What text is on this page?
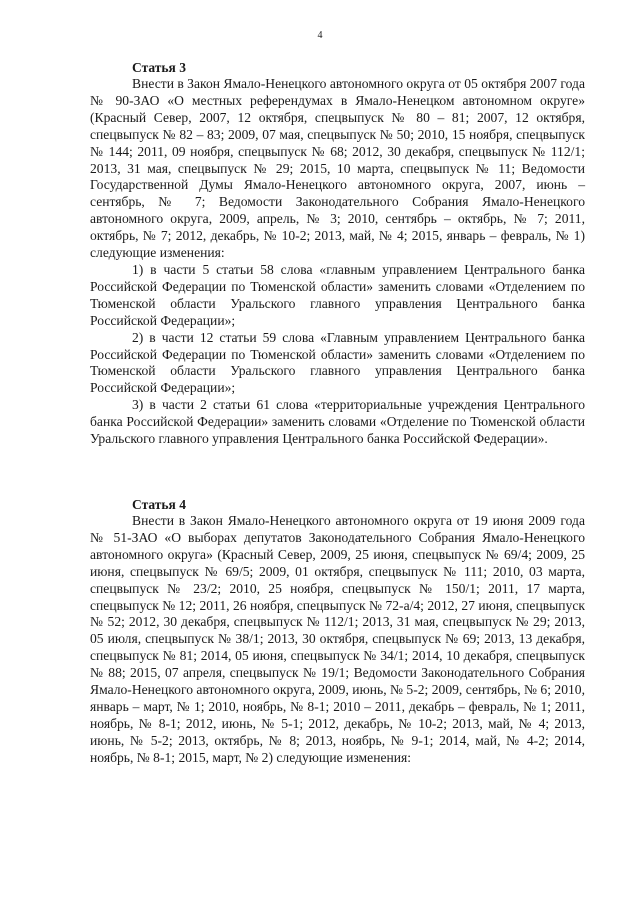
4
Статья 3

Внести в Закон Ямало-Ненецкого автономного округа от 05 октября 2007 года № 90-ЗАО «О местных референдумах в Ямало-Ненецком автономном округе» (Красный Север, 2007, 12 октября, спецвыпуск № 80 – 81; 2007, 12 октября, спецвыпуск № 82 – 83; 2009, 07 мая, спецвыпуск № 50; 2010, 15 ноября, спецвыпуск № 144; 2011, 09 ноября, спецвыпуск № 68; 2012, 30 декабря, спецвыпуск № 112/1; 2013, 31 мая, спецвыпуск № 29; 2015, 10 марта, спецвыпуск № 11; Ведомости Государственной Думы Ямало-Ненецкого автономного округа, 2007, июнь – сентябрь, № 7; Ведомости Законодательного Собрания Ямало-Ненецкого автономного округа, 2009, апрель, № 3; 2010, сентябрь – октябрь, № 7; 2011, октябрь, № 7; 2012, декабрь, № 10-2; 2013, май, № 4; 2015, январь – февраль, № 1) следующие изменения:

1) в части 5 статьи 58 слова «главным управлением Центрального банка Российской Федерации по Тюменской области» заменить словами «Отделением по Тюменской области Уральского главного управления Центрального банка Российской Федерации»;

2) в части 12 статьи 59 слова «Главным управлением Центрального банка Российской Федерации по Тюменской области» заменить словами «Отделением по Тюменской области Уральского главного управления Центрального банка Российской Федерации»;

3) в части 2 статьи 61 слова «территориальные учреждения Центрального банка Российской Федерации» заменить словами «Отделение по Тюменской области Уральского главного управления Центрального банка Российской Федерации».

Статья 4

Внести в Закон Ямало-Ненецкого автономного округа от 19 июня 2009 года № 51-ЗАО «О выборах депутатов Законодательного Собрания Ямало-Ненецкого автономного округа» (Красный Север, 2009, 25 июня, спецвыпуск № 69/4; 2009, 25 июня, спецвыпуск № 69/5; 2009, 01 октября, спецвыпуск № 111; 2010, 03 марта, спецвыпуск № 23/2; 2010, 25 ноября, спецвыпуск № 150/1; 2011, 17 марта, спецвыпуск № 12; 2011, 26 ноября, спецвыпуск № 72-а/4; 2012, 27 июня, спецвыпуск № 52; 2012, 30 декабря, спецвыпуск № 112/1; 2013, 31 мая, спецвыпуск № 29; 2013, 05 июля, спецвыпуск № 38/1; 2013, 30 октября, спецвыпуск № 69; 2013, 13 декабря, спецвыпуск № 81; 2014, 05 июня, спецвыпуск № 34/1; 2014, 10 декабря, спецвыпуск № 88; 2015, 07 апреля, спецвыпуск № 19/1; Ведомости Законодательного Собрания Ямало-Ненецкого автономного округа, 2009, июнь, № 5-2; 2009, сентябрь, № 6; 2010, январь – март, № 1; 2010, ноябрь, № 8-1; 2010 – 2011, декабрь – февраль, № 1; 2011, ноябрь, № 8-1; 2012, июнь, № 5-1; 2012, декабрь, № 10-2; 2013, май, № 4; 2013, июнь, № 5-2; 2013, октябрь, № 8; 2013, ноябрь, № 9-1; 2014, май, № 4-2; 2014, ноябрь, № 8-1; 2015, март, № 2) следующие изменения:
